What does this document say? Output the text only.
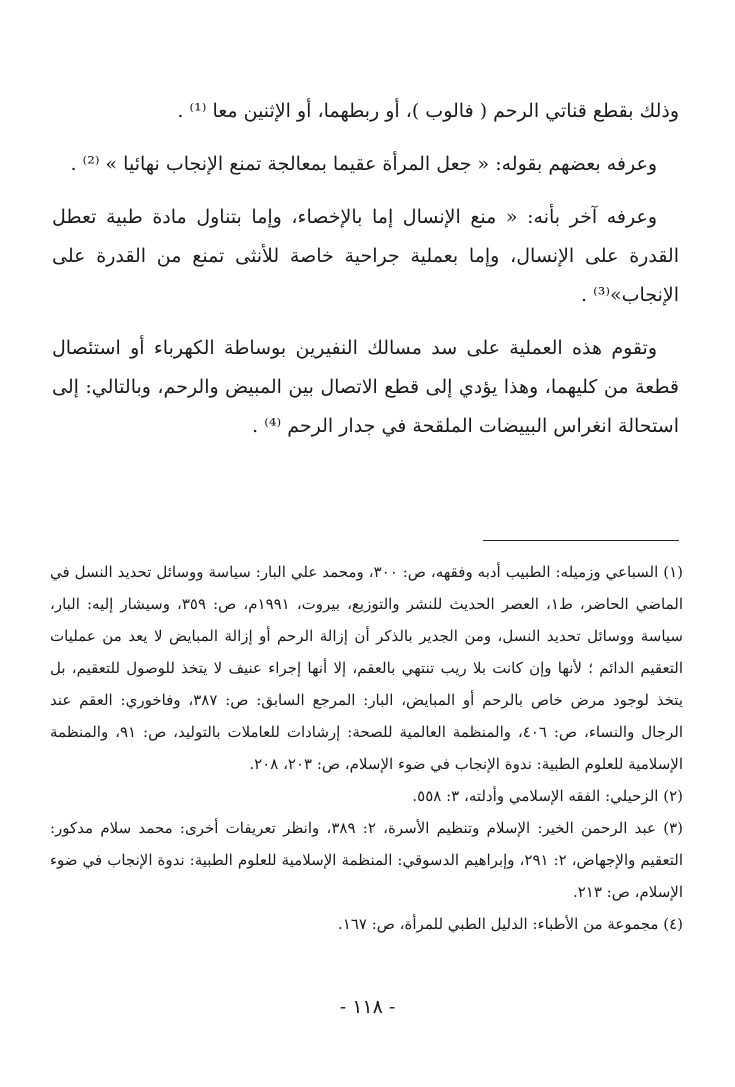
وذلك بقطع قناتي الرحم ( فالوب )، أو ربطهما، أو الإثنين معا ⁽¹⁾ .

وعرفه بعضهم بقوله: « جعل المرأة عقيما بمعالجة تمنع الإنجاب نهائيا » ⁽²⁾ .

وعرفه آخر بأنه: « منع الإنسال إما بالإخصاء، وإما بتناول مادة طبية تعطل القدرة على الإنسال، وإما بعملية جراحية خاصة للأنثى تمنع من القدرة على الإنجاب»⁽³⁾ .

وتقوم هذه العملية على سد مسالك النفيرين بوساطة الكهرباء أو استئصال قطعة من كليهما، وهذا يؤدي إلى قطع الاتصال بين المبيض والرحم، وبالتالي: إلى استحالة انغراس البييضات الملقحة في جدار الرحم ⁽⁴⁾ .

(١) السباعي وزميله: الطبيب أدبه وفقهه، ص: ٣٠٠، ومحمد علي البار: سياسة ووسائل تحديد النسل في الماضي الحاضر، ط١، العصر الحديث للنشر والتوزيع، بيروت، ١٩٩١م، ص: ٣٥٩، وسيشار إليه: البار، سياسة ووسائل تحديد النسل، ومن الجدير بالذكر أن إزالة الرحم أو إزالة المبايض لا يعد من عمليات التعقيم الدائم ؛ لأنها وإن كانت بلا ريب تنتهي بالعقم، إلا أنها إجراء عنيف لا يتخذ للوصول للتعقيم، بل يتخذ لوجود مرض خاص بالرحم أو المبايض، البار: المرجع السابق: ص: ٣٨٧، وفاخوري: العقم عند الرجال والنساء، ص: ٤٠٦، والمنظمة العالمية للصحة: إرشادات للعاملات بالتوليد، ص: ٩١، والمنظمة الإسلامية للعلوم الطبية: ندوة الإنجاب في ضوء الإسلام، ص: ٢٠٣، ٢٠٨.

(٢) الزحيلي: الفقه الإسلامي وأدلته، ٣: ٥٥٨.

(٣) عبد الرحمن الخير: الإسلام وتنظيم الأسرة، ٢: ٣٨٩، وانظر تعريفات أخرى: محمد سلام مدكور: التعقيم والإجهاض، ٢: ٢٩١، وإبراهيم الدسوقي: المنظمة الإسلامية للعلوم الطبية: ندوة الإنجاب في ضوء الإسلام، ص: ٢١٣.

(٤) مجموعة من الأطباء: الدليل الطبي للمرأة، ص: ١٦٧.

- ١١٨ -
